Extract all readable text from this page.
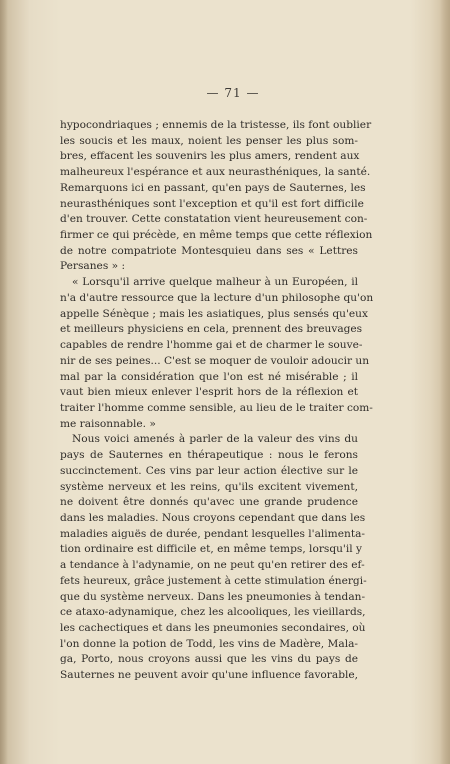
— 71 —
hypocondriaques ; ennemis de la tristesse, ils font oublier
les soucis et les maux, noient les penser les plus som-
bres, effacent les souvenirs les plus amers, rendent aux
malheureux l'espérance et aux neurasthéniques, la santé.
Remarquons ici en passant, qu'en pays de Sauternes, les
neurasthéniques sont l'exception et qu'il est fort difficile
d'en trouver. Cette constatation vient heureusement con-
firmer ce qui précède, en même temps que cette réflexion
de notre compatriote Montesquieu dans ses « Lettres
Persanes » :
« Lorsqu'il arrive quelque malheur à un Européen, il
n'a d'autre ressource que la lecture d'un philosophe qu'on
appelle Sénèque ; mais les asiatiques, plus sensés qu'eux
et meilleurs physiciens en cela, prennent des breuvages
capables de rendre l'homme gai et de charmer le souve-
nir de ses peines... C'est se moquer de vouloir adoucir un
mal par la considération que l'on est né misérable ; il
vaut bien mieux enlever l'esprit hors de la réflexion et
traiter l'homme comme sensible, au lieu de le traiter com-
me raisonnable. »
Nous voici amenés à parler de la valeur des vins du
pays de Sauternes en thérapeutique : nous le ferons
succinctement. Ces vins par leur action élective sur le
système nerveux et les reins, qu'ils excitent vivement,
ne doivent être donnés qu'avec une grande prudence
dans les maladies. Nous croyons cependant que dans les
maladies aiguës de durée, pendant lesquelles l'alimenta-
tion ordinaire est difficile et, en même temps, lorsqu'il y
a tendance à l'adynamie, on ne peut qu'en retirer des ef-
fets heureux, grâce justement à cette stimulation énergi-
que du système nerveux. Dans les pneumonies à tendan-
ce ataxo-adynamique, chez les alcooliques, les vieillards,
les cachectiques et dans les pneumonies secondaires, où
l'on donne la potion de Todd, les vins de Madère, Mala-
ga, Porto, nous croyons aussi que les vins du pays de
Sauternes ne peuvent avoir qu'une influence favorable,
